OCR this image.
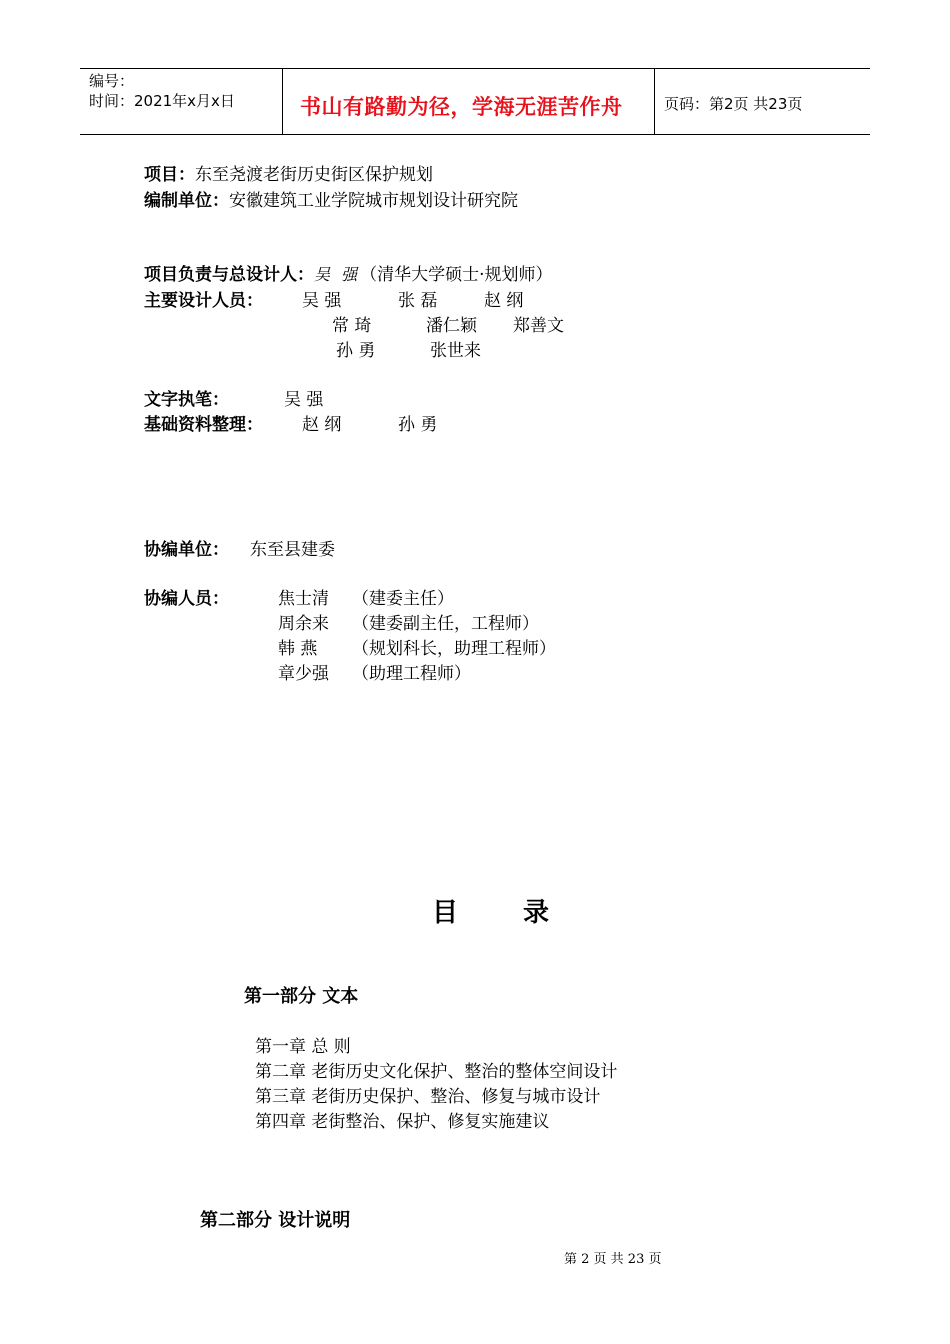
编号：
时间：2021年x月x日	书山有路勤为径，学海无涯苦作舟	页码：第2页 共23页
项目：东至尧渡老街历史街区保护规划
编制单位：安徽建筑工业学院城市规划设计研究院
项目负责与总设计人：吴 强（清华大学硕士·规划师）
主要设计人员： 吴 强	张 磊	赵 纲
常 琦	潘仁颖 郑善文
孙 勇	张世来
文字执笔：	吴 强
基础资料整理： 赵 纲	孙 勇
协编单位： 东至县建委
协编人员：	焦士清 （建委主任）
周余来 （建委副主任，工程师）
韩 燕 （规划科长，助理工程师）
章少强 （助理工程师）
目 录
第一部分 文本
第一章 总 则
第二章 老街历史文化保护、整治的整体空间设计
第三章 老街历史保护、整治、修复与城市设计
第四章 老街整治、保护、修复实施建议
第二部分 设计说明
第 2 页 共 23 页
